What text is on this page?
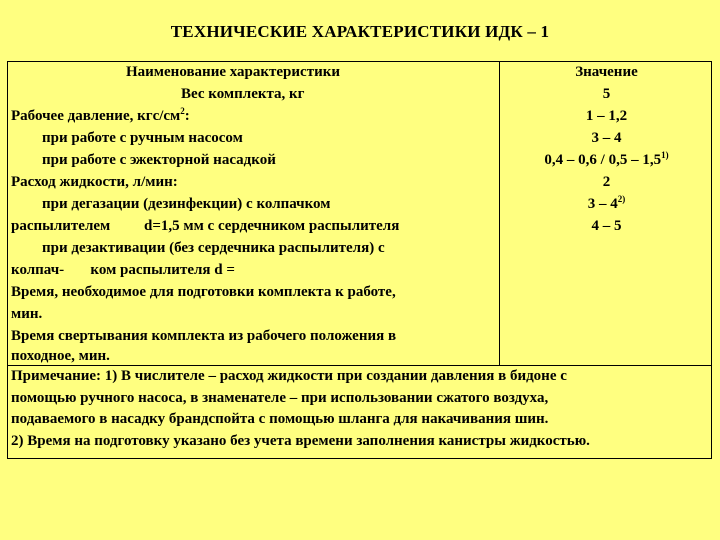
ТЕХНИЧЕСКИЕ ХАРАКТЕРИСТИКИ ИДК – 1
Наименование характеристики	Значение
Вес комплекта, кг	5
Рабочее давление, кгс/$см^2$:	1 – 1,2
при работе с ручным насосом	3 – 4
при работе с эжекторной насадкой	0,4 – 0,6 / 0,5 – 1,5$^{1)}$
Расход жидкости, л/мин:	2
при дегазации (дезинфекции) с колпачком	3 – 4$^{2)}$
распылителем         d=1,5 мм с сердечником распылителя	4 – 5
при дезактивации (без сердечника распылителя) с
колпач-       ком распылителя d =
Время, необходимое для подготовки комплекта к работе,
мин.
Время свертывания комплекта из рабочего положения в
походное, мин.
Примечание: 1) В числителе – расход жидкости при создании давления в бидоне с
помощью ручного насоса, в знаменателе – при использовании сжатого воздуха,
подаваемого в насадку брандспойта с помощью шланга для накачивания шин.
2) Время на подготовку указано без учета времени заполнения канистры жидкостью.
